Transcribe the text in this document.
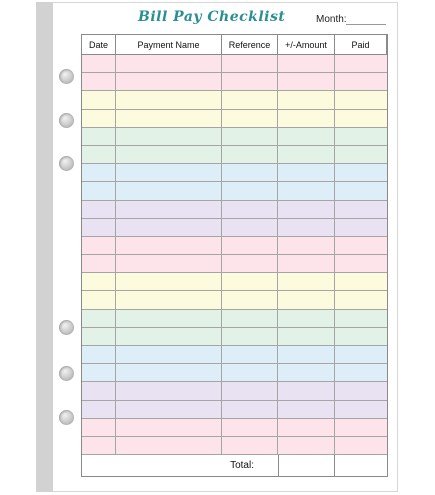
Bill Pay Checklist	Month:
Date	Payment Name	Reference	+/-Amount	Paid
Total:
